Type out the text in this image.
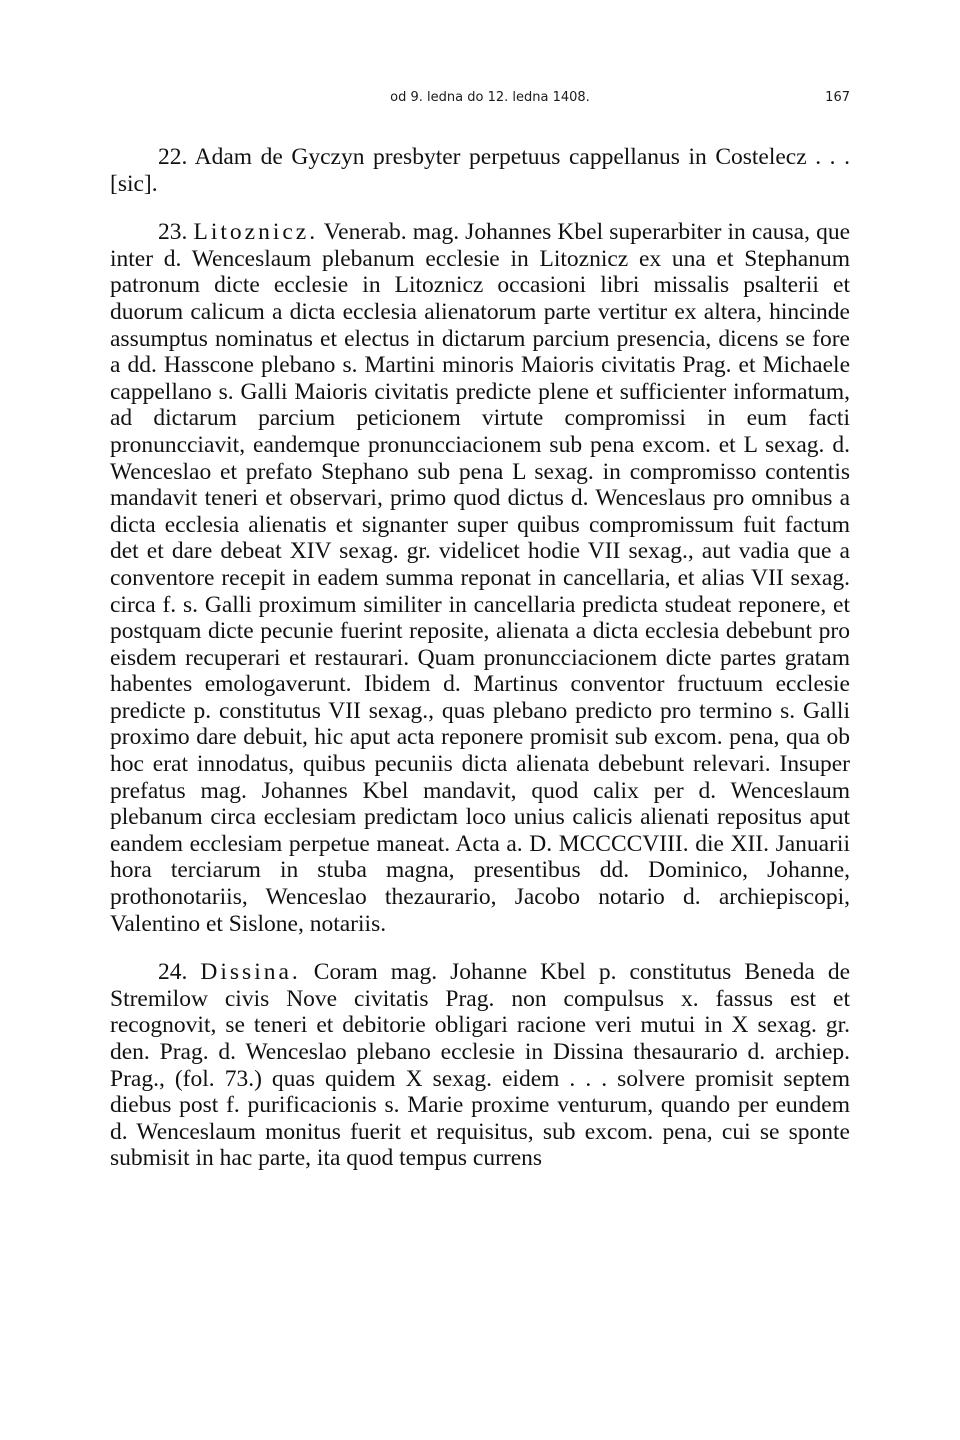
od 9. ledna do 12. ledna 1408.	167

22. Adam de Gyczyn presbyter perpetuus cappellanus in Costelecz . . . [sic].

23. Litoznicz. Venerab. mag. Johannes Kbel superarbiter in causa, que inter d. Wenceslaum plebanum ecclesie in Litoznicz ex una et Stephanum patronum dicte ecclesie in Litoznicz occasioni libri missalis psalterii et duorum calicum a dicta ecclesia alienatorum parte vertitur ex altera, hincinde assumptus nominatus et electus in dictarum parcium presencia, dicens se fore a dd. Hasscone plebano s. Martini minoris Maioris civitatis Prag. et Michaele cappellano s. Galli Maioris civitatis predicte plene et sufficienter informatum, ad dictarum parcium peticionem virtute compromissi in eum facti pronuncciavit, eandemque pronuncciacionem sub pena excom. et L sexag. d. Wenceslao et prefato Stephano sub pena L sexag. in compromisso contentis mandavit teneri et observari, primo quod dictus d. Wenceslaus pro omnibus a dicta ecclesia alienatis et signanter super quibus compromissum fuit factum det et dare debeat XIV sexag. gr. videlicet hodie VII sexag., aut vadia que a conventore recepit in eadem summa reponat in cancellaria, et alias VII sexag. circa f. s. Galli proximum similiter in cancellaria predicta studeat reponere, et postquam dicte pecunie fuerint reposite, alienata a dicta ecclesia debebunt pro eisdem recuperari et restaurari. Quam pronuncciacionem dicte partes gratam habentes emologaverunt. Ibidem d. Martinus conventor fructuum ecclesie predicte p. constitutus VII sexag., quas plebano predicto pro termino s. Galli proximo dare debuit, hic aput acta reponere promisit sub excom. pena, qua ob hoc erat innodatus, quibus pecuniis dicta alienata debebunt relevari. Insuper prefatus mag. Johannes Kbel mandavit, quod calix per d. Wenceslaum plebanum circa ecclesiam predictam loco unius calicis alienati repositus aput eandem ecclesiam perpetue maneat. Acta a. D. MCCCCVIII. die XII. Januarii hora terciarum in stuba magna, presentibus dd. Dominico, Johanne, prothonotariis, Wenceslao thezaurario, Jacobo notario d. archiepiscopi, Valentino et Sislone, notariis.

24. Dissina. Coram mag. Johanne Kbel p. constitutus Beneda de Stremilow civis Nove civitatis Prag. non compulsus x. fassus est et recognovit, se teneri et debitorie obligari racione veri mutui in X sexag. gr. den. Prag. d. Wenceslao plebano ecclesie in Dissina thesaurario d. archiep. Prag., (fol. 73.) quas quidem X sexag. eidem . . . solvere promisit septem diebus post f. purificacionis s. Marie proxime venturum, quando per eundem d. Wenceslaum monitus fuerit et requisitus, sub excom. pena, cui se sponte submisit in hac parte, ita quod tempus currens
